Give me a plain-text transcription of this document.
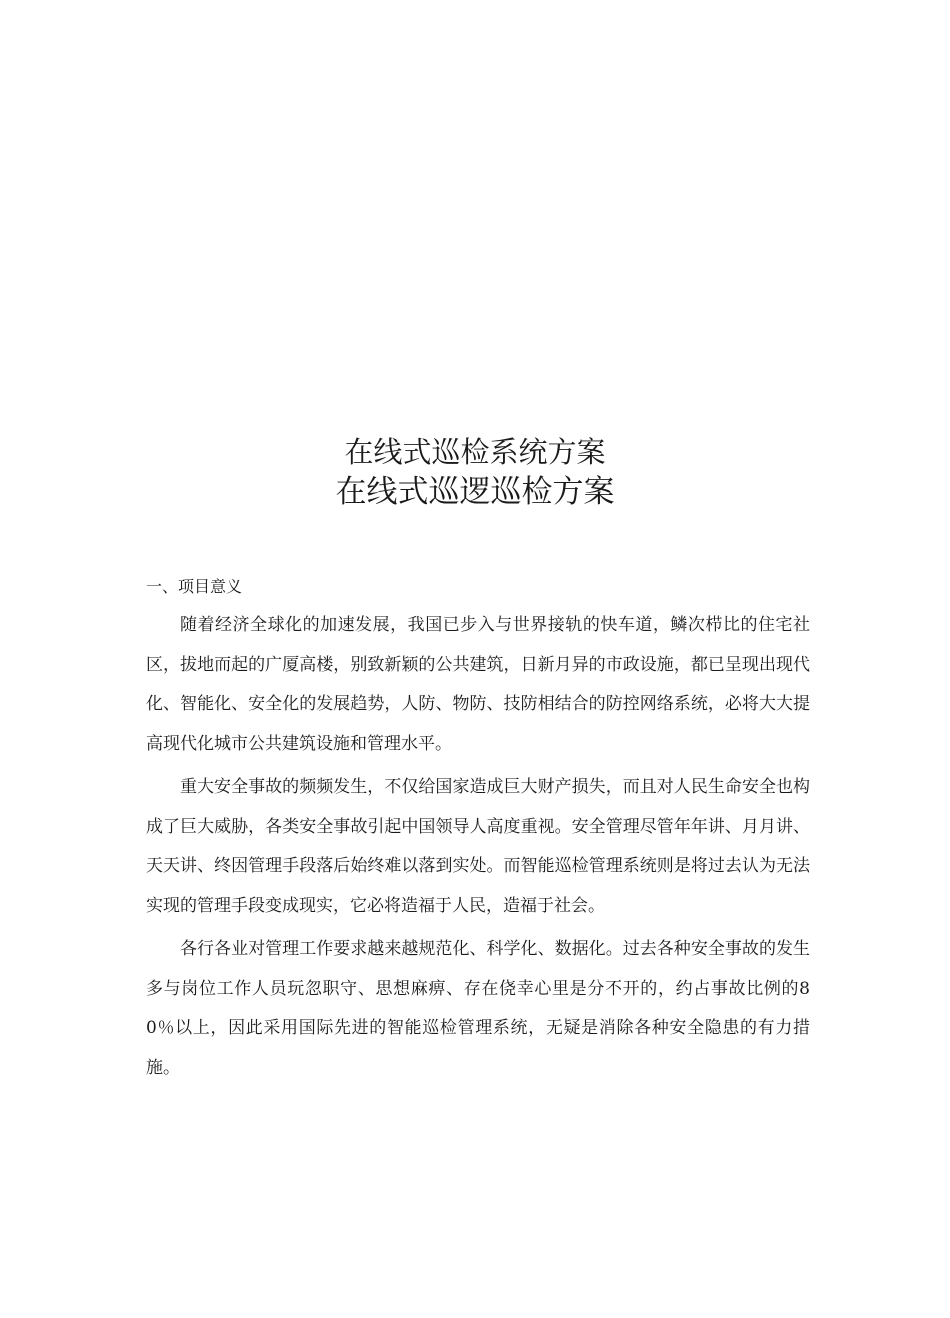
在线式巡检系统方案
在线式巡逻巡检方案
一、项目意义

随着经济全球化的加速发展，我国已步入与世界接轨的快车道，鳞次栉比的住宅社区，拔地而起的广厦高楼，别致新颖的公共建筑，日新月异的市政设施，都已呈现出现代化、智能化、安全化的发展趋势，人防、物防、技防相结合的防控网络系统，必将大大提高现代化城市公共建筑设施和管理水平。

重大安全事故的频频发生，不仅给国家造成巨大财产损失，而且对人民生命安全也构成了巨大威胁，各类安全事故引起中国领导人高度重视。安全管理尽管年年讲、月月讲、天天讲、终因管理手段落后始终难以落到实处。而智能巡检管理系统则是将过去认为无法实现的管理手段变成现实，它必将造福于人民，造福于社会。

各行各业对管理工作要求越来越规范化、科学化、数据化。过去各种安全事故的发生多与岗位工作人员玩忽职守、思想麻痹、存在侥幸心里是分不开的，约占事故比例的80％以上，因此采用国际先进的智能巡检管理系统，无疑是消除各种安全隐患的有力措施。
